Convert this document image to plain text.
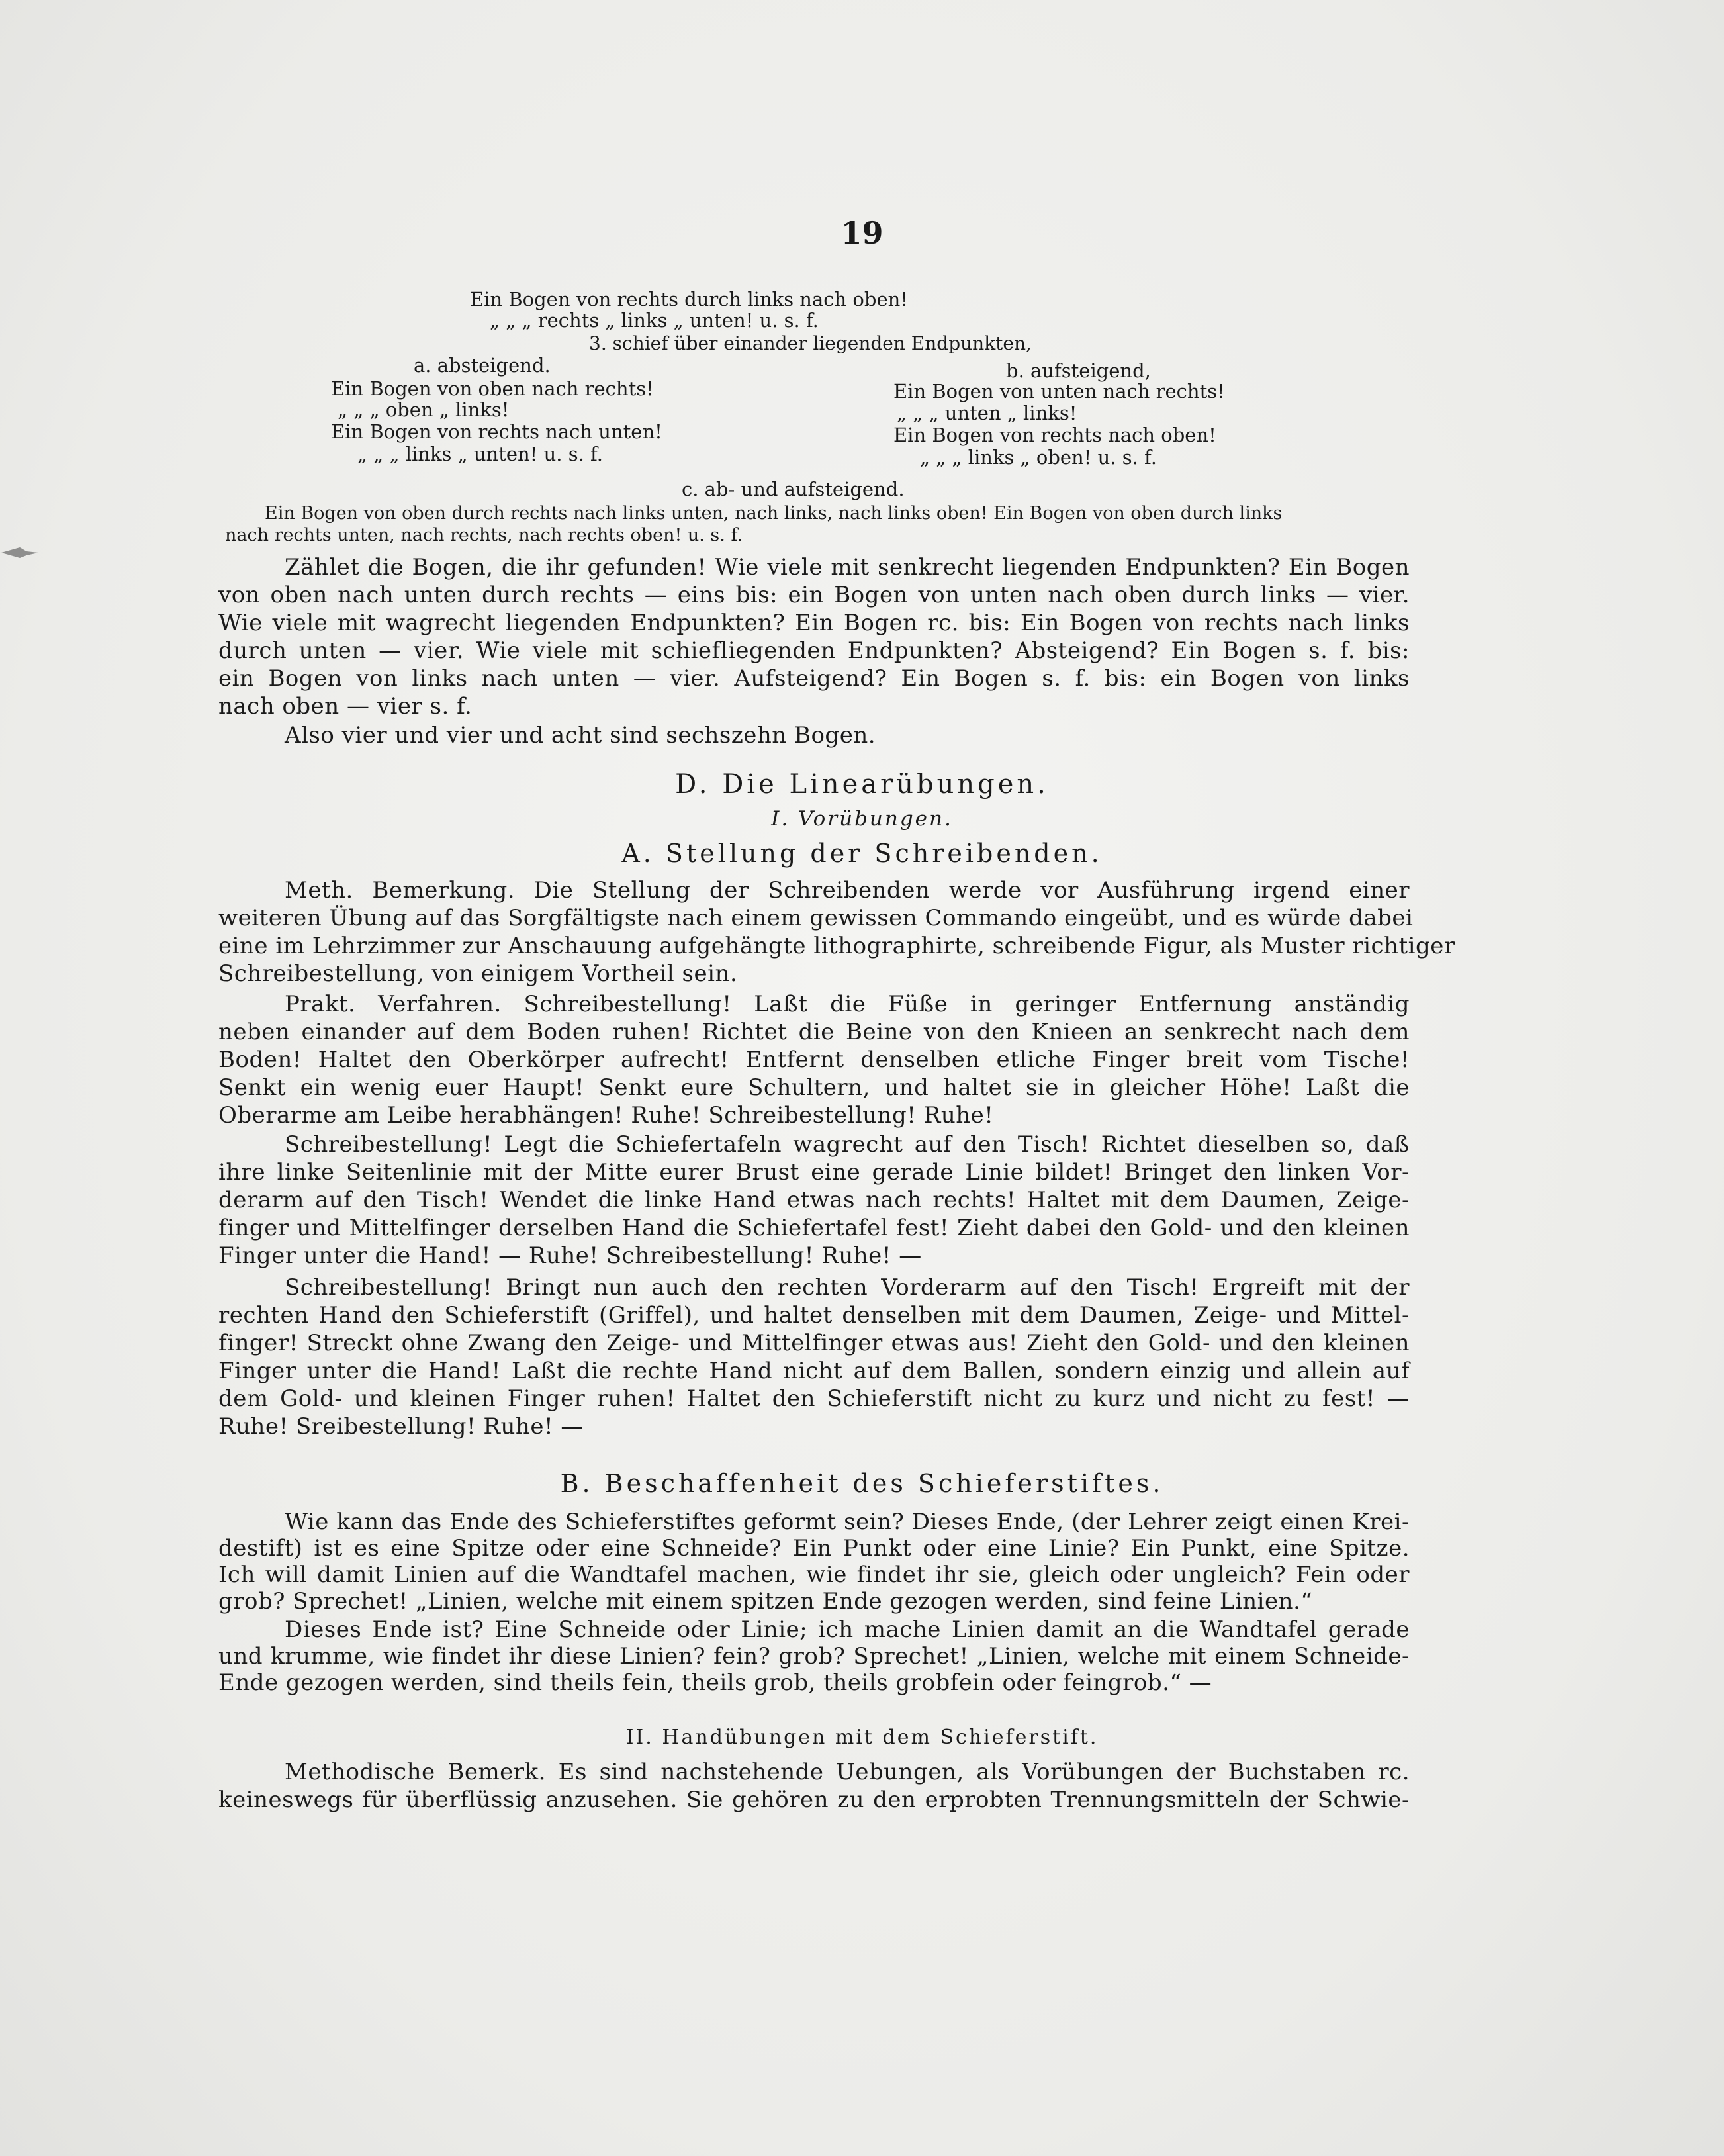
19
Ein Bogen von rechts durch links nach oben!
„ „ „ rechts „ links „ unten! u. s. f.
3. schief über einander liegenden Endpunkten,
a. absteigend.	b. aufsteigend,
Ein Bogen von oben nach rechts!
„ „ „ oben „ links!
Ein Bogen von rechts nach unten!
„ „ „ links „ unten! u. s. f.
Ein Bogen von unten nach rechts!
„ „ „ unten „ links!
Ein Bogen von rechts nach oben!
„ „ „ links „ oben! u. s. f.
c. ab- und aufsteigend.
Ein Bogen von oben durch rechts nach links unten, nach links, nach links oben! Ein Bogen von oben durch links
nach rechts unten, nach rechts, nach rechts oben! u. s. f.
Zählet die Bogen, die ihr gefunden! Wie viele mit senkrecht liegenden Endpunkten? Ein Bogen
von oben nach unten durch rechts — eins bis: ein Bogen von unten nach oben durch links — vier.
Wie viele mit wagrecht liegenden Endpunkten? Ein Bogen rc. bis: Ein Bogen von rechts nach links
durch unten — vier. Wie viele mit schiefliegenden Endpunkten? Absteigend? Ein Bogen s. f. bis:
ein Bogen von links nach unten — vier. Aufsteigend? Ein Bogen s. f. bis: ein Bogen von links
nach oben — vier s. f.
Also vier und vier und acht sind sechszehn Bogen.
D. Die Linearübungen.
I. Vorübungen.
A. Stellung der Schreibenden.
Meth. Bemerkung. Die Stellung der Schreibenden werde vor Ausführung irgend einer
weiteren Übung auf das Sorgfältigste nach einem gewissen Commando eingeübt, und es würde dabei
eine im Lehrzimmer zur Anschauung aufgehängte lithographirte, schreibende Figur, als Muster richtiger
Schreibestellung, von einigem Vortheil sein.
Prakt. Verfahren. Schreibestellung! Laßt die Füße in geringer Entfernung anständig
neben einander auf dem Boden ruhen! Richtet die Beine von den Knieen an senkrecht nach dem
Boden! Haltet den Oberkörper aufrecht! Entfernt denselben etliche Finger breit vom Tische!
Senkt ein wenig euer Haupt! Senkt eure Schultern, und haltet sie in gleicher Höhe! Laßt die
Oberarme am Leibe herabhängen! Ruhe! Schreibestellung! Ruhe!
Schreibestellung! Legt die Schiefertafeln wagrecht auf den Tisch! Richtet dieselben so, daß
ihre linke Seitenlinie mit der Mitte eurer Brust eine gerade Linie bildet! Bringet den linken Vor-
derarm auf den Tisch! Wendet die linke Hand etwas nach rechts! Haltet mit dem Daumen, Zeige-
finger und Mittelfinger derselben Hand die Schiefertafel fest! Zieht dabei den Gold- und den kleinen
Finger unter die Hand! — Ruhe! Schreibestellung! Ruhe! —
Schreibestellung! Bringt nun auch den rechten Vorderarm auf den Tisch! Ergreift mit der
rechten Hand den Schieferstift (Griffel), und haltet denselben mit dem Daumen, Zeige- und Mittel-
finger! Streckt ohne Zwang den Zeige- und Mittelfinger etwas aus! Zieht den Gold- und den kleinen
Finger unter die Hand! Laßt die rechte Hand nicht auf dem Ballen, sondern einzig und allein auf
dem Gold- und kleinen Finger ruhen! Haltet den Schieferstift nicht zu kurz und nicht zu fest! —
Ruhe! Sreibestellung! Ruhe! —
B. Beschaffenheit des Schieferstiftes.
Wie kann das Ende des Schieferstiftes geformt sein? Dieses Ende, (der Lehrer zeigt einen Krei-
destift) ist es eine Spitze oder eine Schneide? Ein Punkt oder eine Linie? Ein Punkt, eine Spitze.
Ich will damit Linien auf die Wandtafel machen, wie findet ihr sie, gleich oder ungleich? Fein oder
grob? Sprechet! „Linien, welche mit einem spitzen Ende gezogen werden, sind feine Linien.“
Dieses Ende ist? Eine Schneide oder Linie; ich mache Linien damit an die Wandtafel gerade
und krumme, wie findet ihr diese Linien? fein? grob? Sprechet! „Linien, welche mit einem Schneide-
Ende gezogen werden, sind theils fein, theils grob, theils grobfein oder feingrob.“ —
II. Handübungen mit dem Schieferstift.
Methodische Bemerk. Es sind nachstehende Uebungen, als Vorübungen der Buchstaben rc.
keineswegs für überflüssig anzusehen. Sie gehören zu den erprobten Trennungsmitteln der Schwie-
